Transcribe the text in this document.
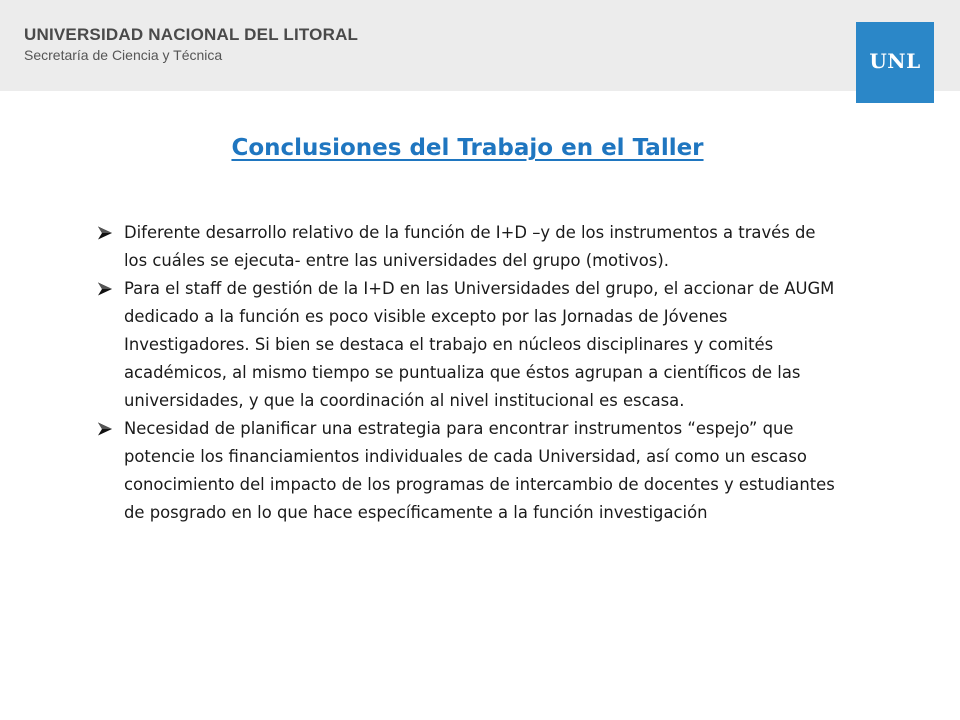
UNIVERSIDAD NACIONAL DEL LITORAL
Secretaría de Ciencia y Técnica	UNL
Conclusiones del Trabajo en el Taller
Diferente desarrollo relativo de la función de I+D –y de los instrumentos a través de los cuáles se ejecuta- entre las universidades del grupo (motivos).
Para el staff de gestión de la I+D en las Universidades del grupo, el accionar de AUGM dedicado a la función es poco visible excepto por las Jornadas de Jóvenes Investigadores. Si bien se destaca el trabajo en núcleos disciplinares y comités académicos, al mismo tiempo se puntualiza que éstos agrupan a científicos de las universidades, y que la coordinación al nivel institucional es escasa.
Necesidad de planificar una estrategia para encontrar instrumentos “espejo” que potencie los financiamientos individuales de cada Universidad, así como un escaso conocimiento del impacto de los programas de intercambio de docentes y estudiantes de posgrado en lo que hace específicamente a la función investigación
